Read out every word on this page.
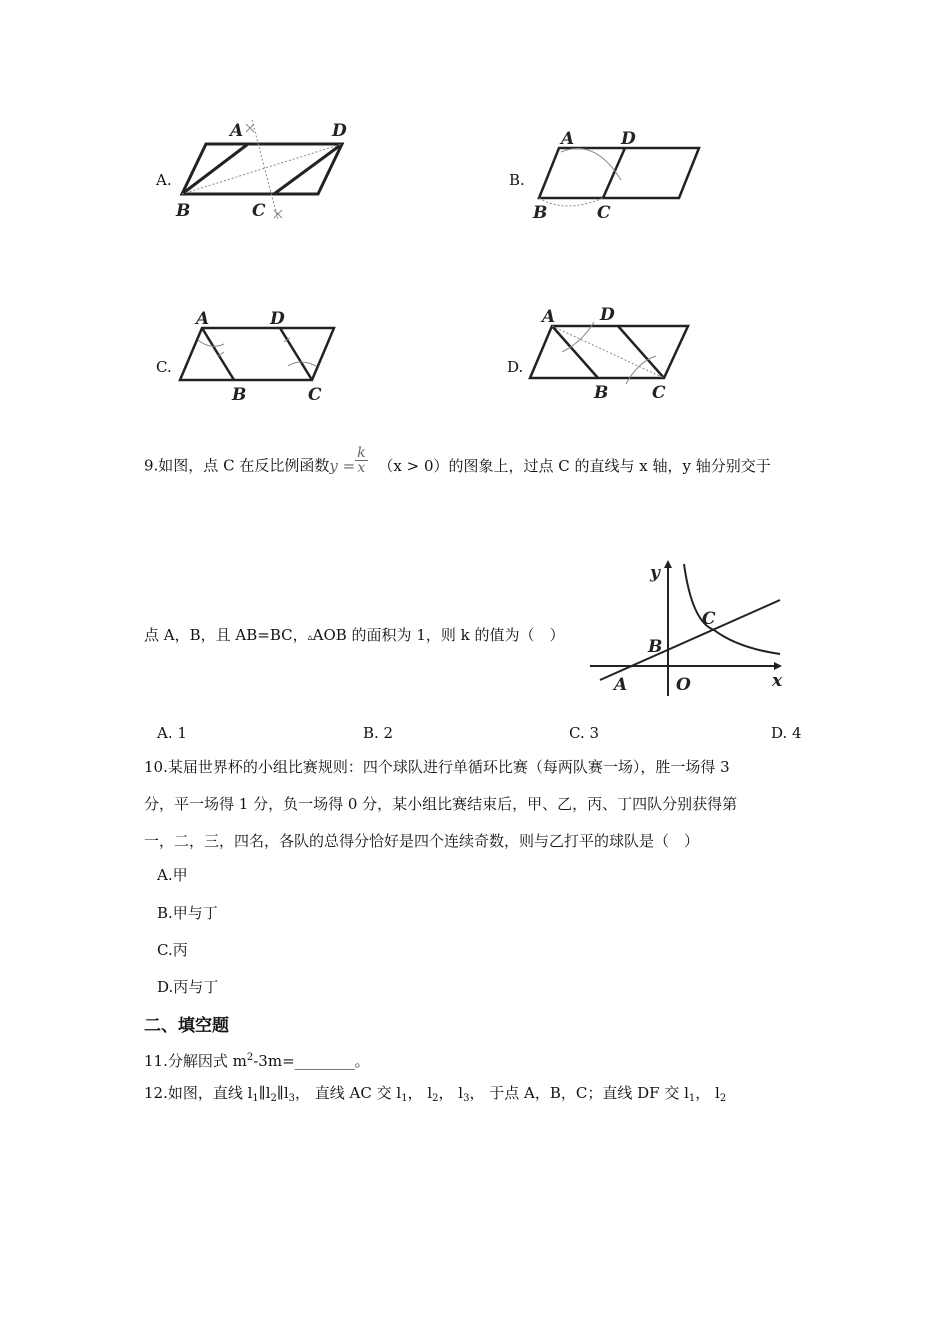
A.
A	D
B	C
B.
A	D
B	C
C.
A	D
B	C
D.
A	D
B	C
9.如图，点 C 在反比例函数$y = \frac{k}{x} (x > 0)$的图象上，过点 C 的直线与 x 轴，y 轴分别交于
点 A，B，且 AB=BC，▵AOB 的面积为 1，则 k 的值为（　）
y
x
C
B
A	O
A. 1	B. 2	C. 3	D. 4
10.某届世界杯的小组比赛规则：四个球队进行单循环比赛（每两队赛一场），胜一场得 3
分，平一场得 1 分，负一场得 0 分，某小组比赛结束后，甲、乙，丙、丁四队分别获得第
一，二，三，四名，各队的总得分恰好是四个连续奇数，则与乙打平的球队是（　）
A.甲
B.甲与丁
C.丙
D.丙与丁
二、填空题
11.分解因式 $m^2-3m=\_\_\_\_\_\_\_\_$。
12.如图，直线 $l_1\parallel l_2\parallel l_3$， 直线 AC 交 $l_1$， $l_2$， $l_3$， 于点 A，B，C；直线 DF 交 $l_1$， $l_2$
